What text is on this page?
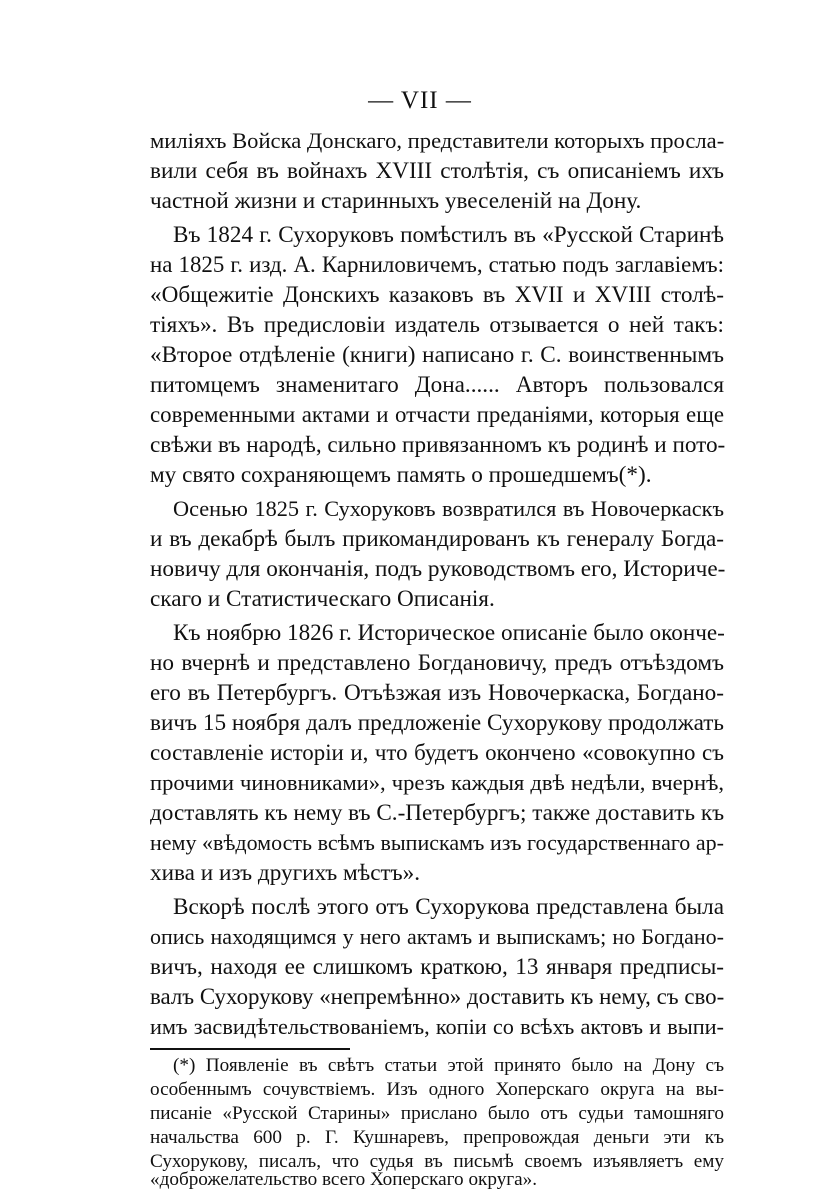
— VII —
миліяхъ Войска Донскаго, представители которыхъ просла-
вили себя въ войнахъ XVIII столѣтія, съ описаніемъ ихъ
частной жизни и старинныхъ увеселеній на Дону.
Въ 1824 г. Сухоруковъ помѣстилъ въ «Русской Старинѣ
на 1825 г. изд. А. Карниловичемъ, статью подъ заглавіемъ:
«Общежитіе Донскихъ казаковъ въ XVII и XVIII столѣ-
тіяхъ». Въ предисловіи издатель отзывается о ней такъ:
«Второе отдѣленіе (книги) написано г. С. воинственнымъ
питомцемъ знаменитаго Дона...... Авторъ пользовался
современными актами и отчасти преданіями, которыя еще
свѣжи въ народѣ, сильно привязанномъ къ родинѣ и пото-
му свято сохраняющемъ память о прошедшемъ(*).
Осенью 1825 г. Сухоруковъ возвратился въ Новочеркаскъ
и въ декабрѣ былъ прикомандированъ къ генералу Богда-
новичу для окончанія, подъ руководствомъ его, Историче-
скаго и Статистическаго Описанія.
Къ ноябрю 1826 г. Историческое описаніе было оконче-
но вчернѣ и представлено Богдановичу, предъ отъѣздомъ
его въ Петербургъ. Отъѣзжая изъ Новочеркаска, Богдано-
вичъ 15 ноября далъ предложеніе Сухорукову продолжать
составленіе исторіи и, что будетъ окончено «совокупно съ
прочими чиновниками», чрезъ каждыя двѣ недѣли, вчернѣ,
доставлять къ нему въ С.-Петербургъ; также доставить къ
нему «вѣдомость всѣмъ выпискамъ изъ государственнаго ар-
хива и изъ другихъ мѣстъ».
Вскорѣ послѣ этого отъ Сухорукова представлена была
опись находящимся у него актамъ и выпискамъ; но Богдано-
вичъ, находя ее слишкомъ краткою, 13 января предписы-
валъ Сухорукову «непремѣнно» доставить къ нему, съ сво-
имъ засвидѣтельствованіемъ, копіи со всѣхъ актовъ и выпи-
(*) Появленіе въ свѣтъ статьи этой принято было на Дону съ
особеннымъ сочувствіемъ. Изъ одного Хоперскаго округа на вы-
писаніе «Русской Старины» прислано было отъ судьи тамошняго
начальства 600 р. Г. Кушнаревъ, препровождая деньги эти къ
Сухорукову, писалъ, что судья въ письмѣ своемъ изъявляетъ ему
«доброжелательство всего Хоперскаго округа».
